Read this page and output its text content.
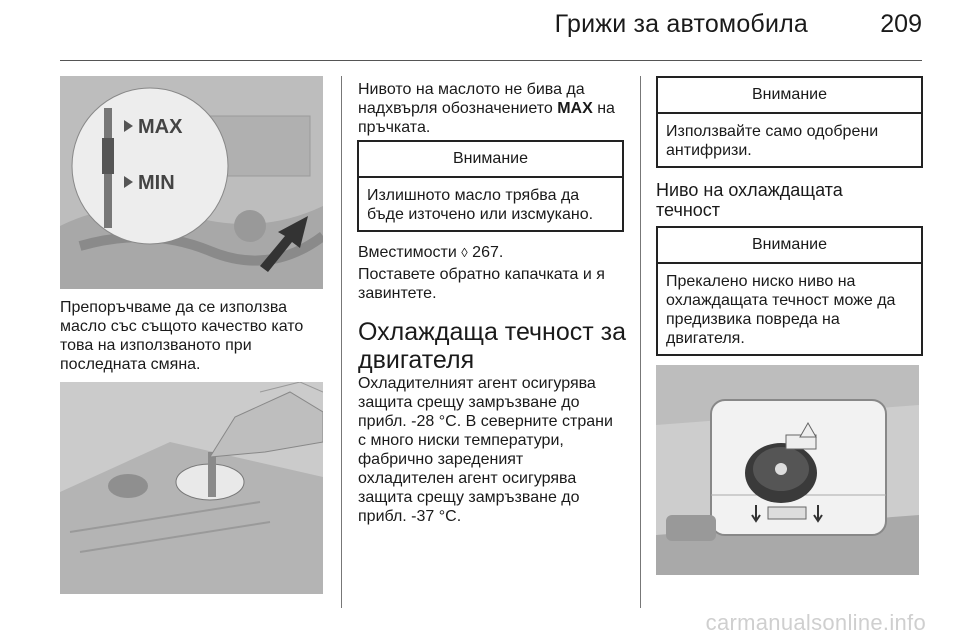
Грижи за автомобила	209
MAX
MIN

Препоръчваме да се използва
масло със същото качество като
това на използваното при
последната смяна.

Нивото на маслото не бива да
надхвърля обозначението MAX на
пръчката.

Внимание
Излишното масло трябва да
бъде източено или изсмукано.

Вместимости ◊ 267.

Поставете обратно капачката и я
завинтете.

Охлаждаща течност за
двигателя

Охладителният агент осигурява
защита срещу замръзване до
прибл. -28 °C. В северните страни
с много ниски температури,
фабрично зареденият
охладителен агент осигурява
защита срещу замръзване до
прибл. -37 °C.

Внимание
Използвайте само одобрени
антифризи.
Ниво на охлаждащата
течност
Внимание
Прекалено ниско ниво на
охлаждащата течност може да
предизвика повреда на
двигателя.
carmanualsonline.info
